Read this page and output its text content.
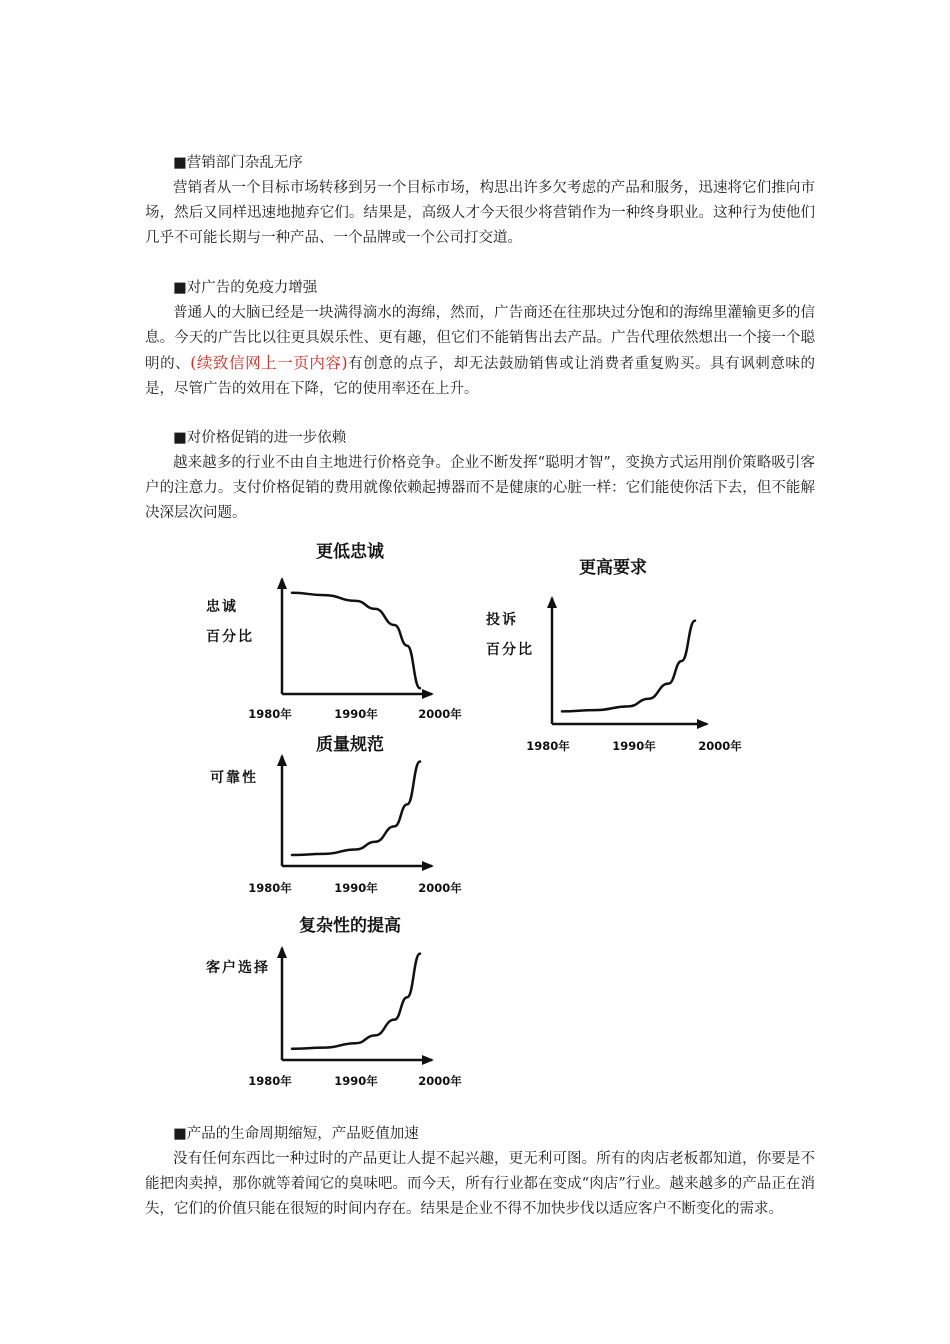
■营销部门杂乱无序

营销者从一个目标市场转移到另一个目标市场，构思出许多欠考虑的产品和服务，迅速将它们推向市场，然后又同样迅速地抛弃它们。结果是，高级人才今天很少将营销作为一种终身职业。这种行为使他们几乎不可能长期与一种产品、一个品牌或一个公司打交道。

■对广告的免疫力增强

普通人的大脑已经是一块满得滴水的海绵，然而，广告商还在往那块过分饱和的海绵里灌输更多的信息。今天的广告比以往更具娱乐性、更有趣，但它们不能销售出去产品。广告代理依然想出一个接一个聪明的、(续致信网上一页内容)有创意的点子，却无法鼓励销售或让消费者重复购买。具有讽刺意味的是，尽管广告的效用在下降，它的使用率还在上升。

■对价格促销的进一步依赖

越来越多的行业不由自主地进行价格竞争。企业不断发挥“聪明才智”，变换方式运用削价策略吸引客户的注意力。支付价格促销的费用就像依赖起搏器而不是健康的心脏一样：它们能使你活下去，但不能解决深层次问题。

更低忠诚
忠诚
百分比
1980年	1990年	2000年
更高要求
投诉
百分比
1980年	1990年	2000年
质量规范
可靠性
1980年	1990年	2000年
复杂性的提高
客户选择
1980年	1990年	2000年

■产品的生命周期缩短，产品贬值加速

没有任何东西比一种过时的产品更让人提不起兴趣，更无利可图。所有的肉店老板都知道，你要是不能把肉卖掉，那你就等着闻它的臭味吧。而今天，所有行业都在变成“肉店”行业。越来越多的产品正在消失，它们的价值只能在很短的时间内存在。结果是企业不得不加快步伐以适应客户不断变化的需求。
